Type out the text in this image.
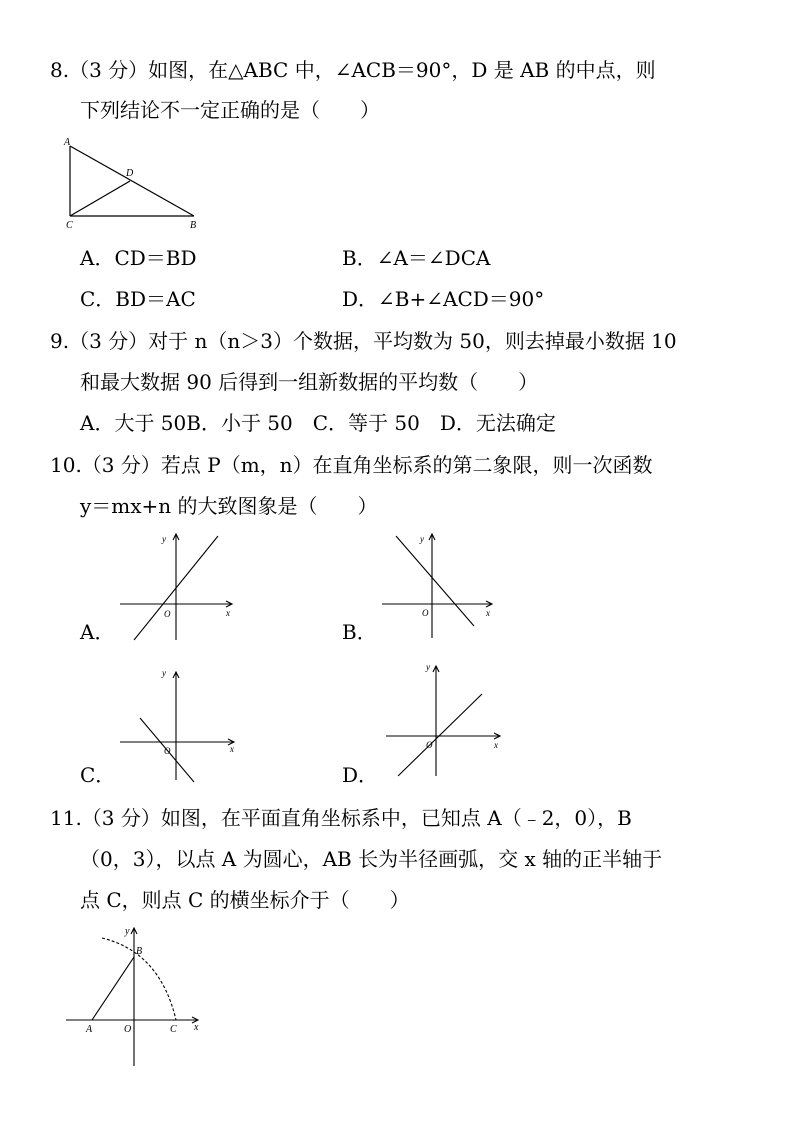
8.（3 分）如图，在△ABC 中，∠ACB＝90°，D 是 AB 的中点，则
下列结论不一定正确的是（　　）
A
D
C	B
A．CD＝BD	B．∠A＝∠DCA
C．BD＝AC	D．∠B+∠ACD＝90°
9.（3 分）对于 n（n＞3）个数据，平均数为 50，则去掉最小数据 10
和最大数据 90 后得到一组新数据的平均数（　　）
A．大于 50B．小于 50　C．等于 50　D．无法确定
10.（3 分）若点 P（m，n）在直角坐标系的第二象限，则一次函数
y＝mx+n 的大致图象是（　　）
y
x
O
A．
y
x
O
B．
y
x
O
C．
y
x
O
D．
11.（3 分）如图，在平面直角坐标系中，已知点 A（﹣2，0），B
（0，3），以点 A 为圆心，AB 长为半径画弧，交 x 轴的正半轴于
点 C，则点 C 的横坐标介于（　　）
y
B
A	O	C x
